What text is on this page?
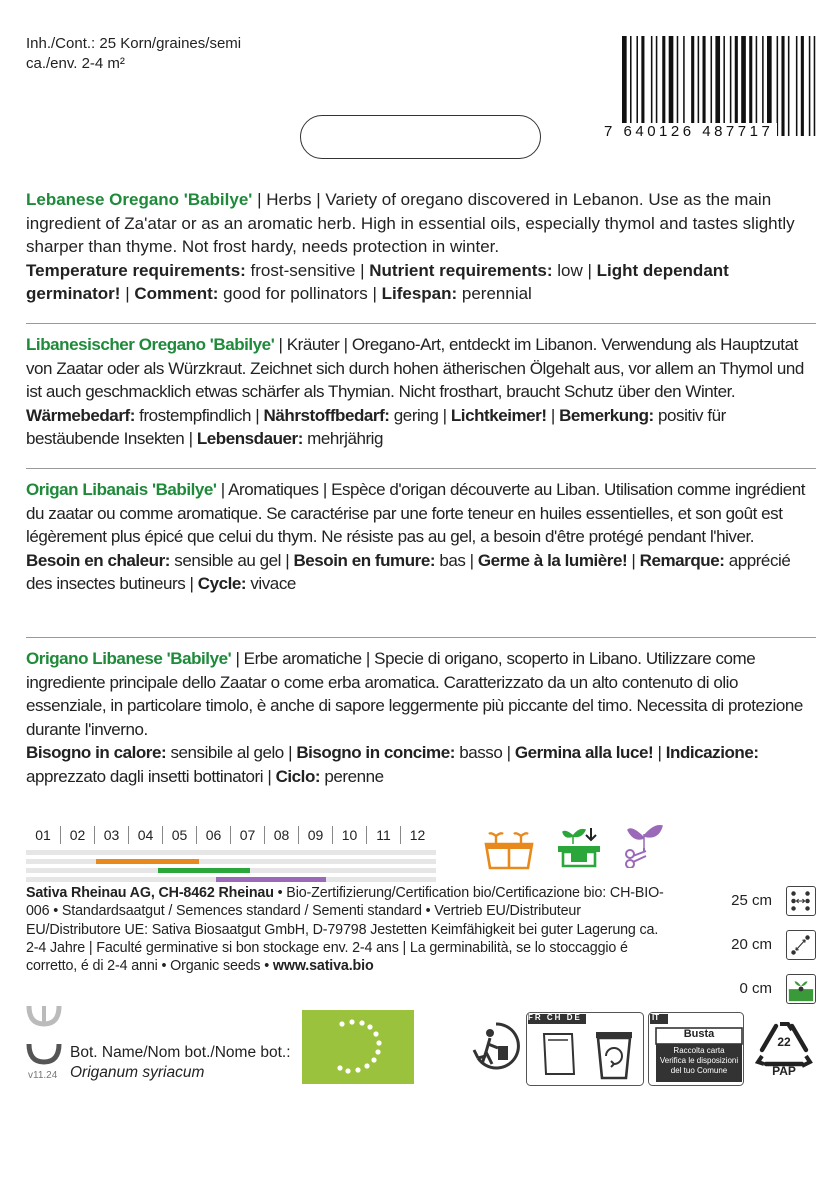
Inh./Cont.: 25 Korn/graines/semi
ca./env. 2-4 m²
7 640126 487717
Lebanese Oregano 'Babilye' | Herbs | Variety of oregano discovered in Lebanon. Use as the main ingredient of Za'atar or as an aromatic herb. High in essential oils, especially thymol and tastes slightly sharper than thyme. Not frost hardy, needs protection in winter.
Temperature requirements: frost-sensitive | Nutrient requirements: low | Light dependant germinator! | Comment: good for pollinators | Lifespan: perennial
Libanesischer Oregano 'Babilye' | Kräuter | Oregano-Art, entdeckt im Libanon. Verwendung als Hauptzutat von Zaatar oder als Würzkraut. Zeichnet sich durch hohen ätherischen Ölgehalt aus, vor allem an Thymol und ist auch geschmacklich etwas schärfer als Thymian. Nicht frosthart, braucht Schutz über den Winter.
Wärmebedarf: frostempfindlich | Nährstoffbedarf: gering | Lichtkeimer! | Bemerkung: positiv für bestäubende Insekten | Lebensdauer: mehrjährig
Origan Libanais 'Babilye' | Aromatiques | Espèce d'origan découverte au Liban. Utilisation comme ingrédient du zaatar ou comme aromatique. Se caractérise par une forte teneur en huiles essentielles, et son goût est légèrement plus épicé que celui du thym. Ne résiste pas au gel, a besoin d'être protégé pendant l'hiver.
Besoin en chaleur: sensible au gel | Besoin en fumure: bas | Germe à la lumière! | Remarque: apprécié des insectes butineurs | Cycle: vivace
Origano Libanese 'Babilye' | Erbe aromatiche | Specie di origano, scoperto in Libano. Utilizzare come ingrediente principale dello Zaatar o come erba aromatica. Caratterizzato da un alto contenuto di olio essenziale, in particolare timolo, è anche di sapore leggermente più piccante del timo. Necessita di protezione durante l'inverno.
Bisogno in calore: sensibile al gelo | Bisogno in concime: basso | Germina alla luce! | Indicazione: apprezzato dagli insetti bottinatori | Ciclo: perenne
01	02	03	04	05	06	07	08	09	10	11	12
Sativa Rheinau AG, CH-8462 Rheinau • Bio-Zertifizierung/Certification bio/Certificazione bio: CH-BIO-006 • Standardsaatgut / Semences standard / Sementi standard • Vertrieb EU/Distributeur EU/Distributore UE: Sativa Biosaatgut GmbH, D-79798 Jestetten Keimfähigkeit bei guter Lagerung ca. 2-4 Jahre | Faculté germinative si bon stockage env. 2-4 ans | La germinabilità, se lo stoccaggio é corretto, é di 2-4 anni • Organic seeds • www.sativa.bio
25 cm
20 cm
0 cm
Bot. Name/Nom bot./Nome bot.:
Origanum syriacum
v11.24
FR CH DE	IT
Busta
Raccolta carta
Verifica le disposizioni
del tuo Comune
22
PAP
